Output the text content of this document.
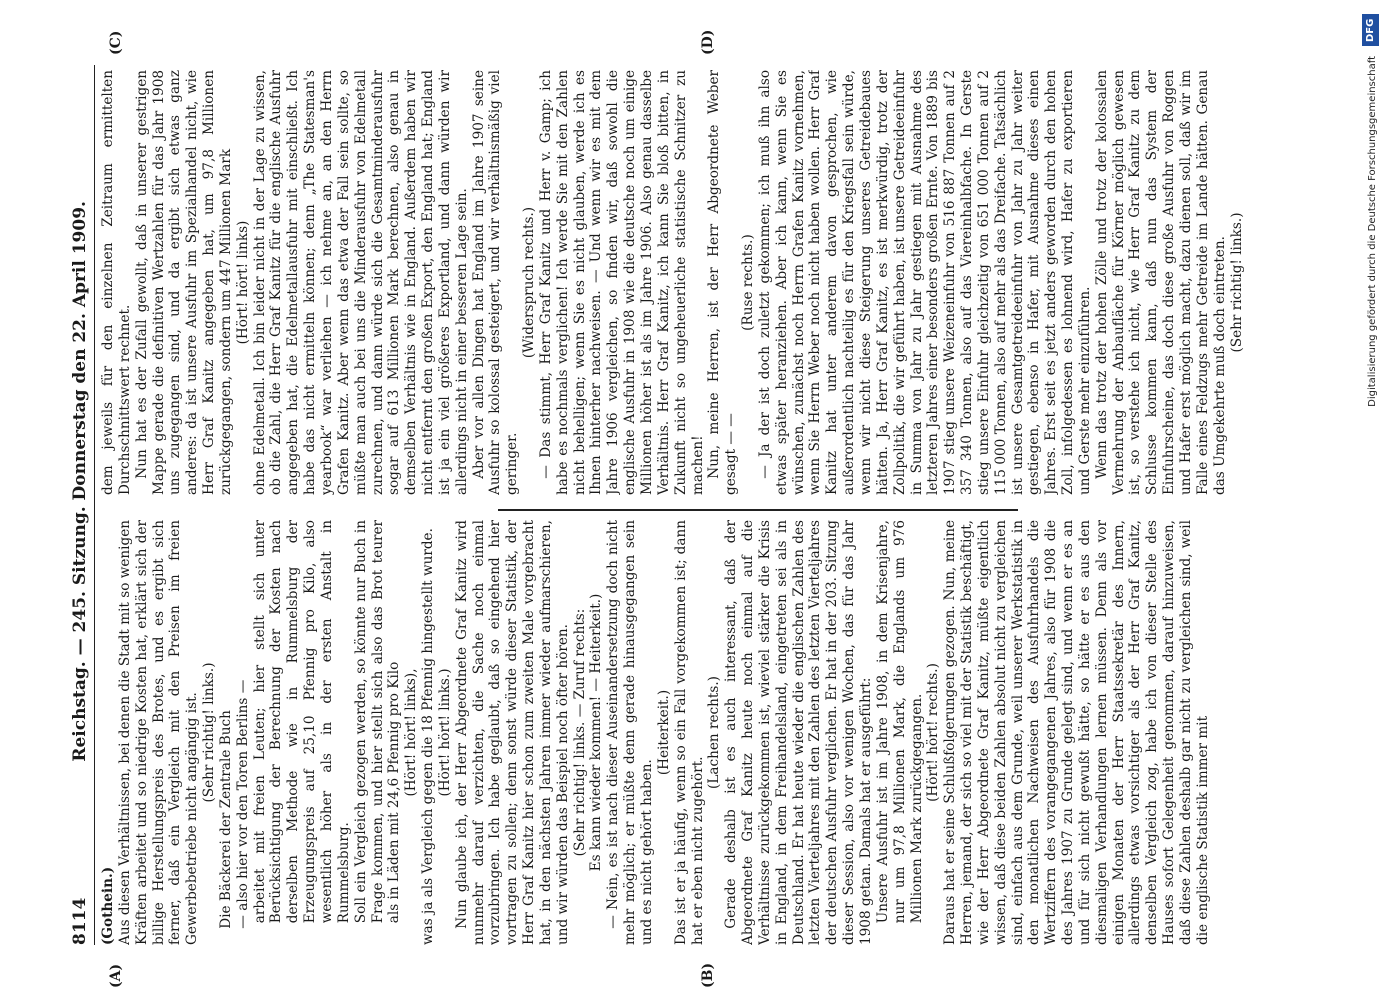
8114
Reichstag. — 245. Sitzung. Donnerstag den 22. April 1909.
(A)	(B)
(C)	(D)

(Gothein.) Aus diesen Verhältnissen, bei denen die Stadt mit so wenigen Kräften arbeitet und so niedrige Kosten hat, erklärt sich der billige Herstellungspreis des Brotes, und es ergibt sich ferner, daß ein Vergleich mit den Preisen im freien Gewerbebetriebe nicht angängig ist. (Sehr richtig! links.) Die Bäckerei der Zentrale Buch — also hier vor den Toren Berlins — arbeitet mit freien Leuten; hier stellt sich unter Berücksichtigung der Berechnung der Kosten nach derselben Methode wie in Rummelsburg der Erzeugungspreis auf 25,10 Pfennig pro Kilo, also wesentlich höher als in der ersten Anstalt in Rummelsburg. Soll ein Vergleich gezogen werden, so könnte nur Buch in Frage kommen, und hier stellt sich also das Brot teurer als in Läden mit 24,6 Pfennig pro Kilo (Hört! hört! links), was ja als Vergleich gegen die 18 Pfennig hingestellt wurde. (Hört! hört! links.) Nun glaube ich, der Herr Abgeordnete Graf Kanitz wird nunmehr darauf verzichten, die Sache noch einmal vorzubringen. Ich habe geglaubt, daß so eingehend hier vortragen zu sollen; denn sonst würde dieser Statistik, der Herr Graf Kanitz hier schon zum zweiten Male vorgebracht hat, in den nächsten Jahren immer wieder aufmarschieren, und wir würden das Beispiel noch öfter hören. (Sehr richtig! links. — Zuruf rechts: Es kann wieder kommen! — Heiterkeit.) — Nein, es ist nach dieser Auseinandersetzung doch nicht mehr möglich; er müßte denn gerade hinausgegangen sein und es nicht gehört haben.

(Heiterkeit.) Das ist er ja häufig, wenn so ein Fall vorgekommen ist; dann hat er eben nicht zugehört.

(Lachen rechts.) Gerade deshalb ist es auch interessant, daß der Abgeordnete Graf Kanitz heute noch einmal auf die Verhältnisse zurückgekommen ist, wieviel stärker die Krisis in England, in dem Freihandelsland, eingetreten sei als in Deutschland. Er hat heute wieder die englischen Zahlen des letzten Vierteljahres mit den Zahlen des letzten Vierteljahres der deutschen Ausfuhr verglichen. Er hat in der 203. Sitzung dieser Session, also vor wenigen Wochen, das für das Jahr 1908 getan. Damals hat er ausgeführt: Unsere Ausfuhr ist im Jahre 1908, in dem Krisenjahre, nur um 97,8 Millionen Mark, die Englands um 976 Millionen Mark zurückgegangen. (Hört! hört! rechts.) Daraus hat er seine Schlußfolgerungen gezogen. Nun, meine Herren, jemand, der sich so viel mit der Statistik beschäftigt, wie der Herr Abgeordnete Graf Kanitz, müßte eigentlich wissen, daß diese beiden Zahlen absolut nicht zu vergleichen sind, einfach aus dem Grunde, weil unserer Werkstatistik in den monatlichen Nachweisen des Ausfuhrhandels die Wertziffern des vorangegangenen Jahres, also für 1908 die des Jahres 1907 zu Grunde gelegt sind, und wenn er es an und für sich nicht gewußt hätte, so hätte er es aus den diesmaligen Verhandlungen lernen müssen. Denn als vor einigen Monaten der Herr Staatssekretär des Innern, allerdings etwas vorsichtiger als der Herr Graf Kanitz, denselben Vergleich zog, habe ich von dieser Stelle des Hauses sofort Gelegenheit genommen, darauf hinzuweisen, daß diese Zahlen deshalb gar nicht zu vergleichen sind, weil die englische Statistik immer mit

dem jeweils für den einzelnen Zeitraum ermittelten Durchschnittswert rechnet. Nun hat es der Zufall gewollt, daß in unserer gestrigen Mappe gerade die definitiven Wertzahlen für das Jahr 1908 uns zugegangen sind, und da ergibt sich etwas ganz anderes: da ist unsere Ausfuhr im Spezialhandel nicht, wie Herr Graf Kanitz angegeben hat, um 97,8 Millionen zurückgegangen, sondern um 447 Millionen Mark (Hört! hört! links) ohne Edelmetall. Ich bin leider nicht in der Lage zu wissen, ob die Zahl, die Herr Graf Kanitz für die englische Ausfuhr angegeben hat, die Edelmetallausfuhr mit einschließt. Ich habe das nicht ermitteln können; denn „The Statesman's yearbook“ war verliehen — ich nehme an, an den Herrn Grafen Kanitz. Aber wenn das etwa der Fall sein sollte, so müßte man auch bei uns die Minderausfuhr von Edelmetall zurechnen, und dann würde sich die Gesamtminderausfuhr sogar auf 613 Millionen Mark berechnen, also genau in demselben Verhältnis wie in England. Außerdem haben wir nicht entfernt den großen Export, den England hat; England ist ja ein viel größeres Exportland, und dann würden wir allerdings nicht in einer besseren Lage sein. Aber vor allen Dingen hat England im Jahre 1907 seine Ausfuhr so kolossal gesteigert, und wir verhältnismäßig viel geringer.

(Widerspruch rechts.) — Das stimmt, Herr Graf Kanitz und Herr v. Gamp; ich habe es nochmals verglichen! Ich werde Sie mit den Zahlen nicht behelligen; wenn Sie es nicht glauben, werde ich es Ihnen hinterher nachweisen. — Und wenn wir es mit dem Jahre 1906 vergleichen, so finden wir, daß sowohl die englische Ausfuhr in 1908 wie die deutsche noch um einige Millionen höher ist als im Jahre 1906. Also genau dasselbe Verhältnis. Herr Graf Kanitz, ich kann Sie bloß bitten, in Zukunft nicht so ungeheuerliche statistische Schnitzer zu machen! Nun, meine Herren, ist der Herr Abgeordnete Weber gesagt — —

(Ruse rechts.) — Ja der ist doch zuletzt gekommen; ich muß ihn also etwas später heranziehen. Aber ich kann, wenn Sie es wünschen, zunächst noch Herrn Grafen Kanitz vornehmen, wenn Sie Herrn Weber noch nicht haben wollen. Herr Graf Kanitz hat unter anderem davon gesprochen, wie außerordentlich nachteilig es für den Kriegsfall sein würde, wenn wir nicht diese Steigerung unseres Getreidebaues hätten. Ja, Herr Graf Kanitz, es ist merkwürdig, trotz der Zollpolitik, die wir geführt haben, ist unsere Getreideeinfuhr in Summa von Jahr zu Jahr gestiegen mit Ausnahme des letzteren Jahres einer besonders großen Ernte. Von 1889 bis 1907 stieg unsere Weizeneinfuhr von 516 887 Tonnen auf 2 357 340 Tonnen, also auf das Viereinhalbfache. In Gerste stieg unsere Einfuhr gleichzeitig von 651 000 Tonnen auf 2 115 000 Tonnen, also auf mehr als das Dreifache. Tatsächlich ist unsere Gesamtgetreideeinfuhr von Jahr zu Jahr weiter gestiegen, ebenso in Hafer, mit Ausnahme dieses einen Jahres. Erst seit es jetzt anders geworden durch den hohen Zoll, infolgedessen es lohnend wird, Hafer zu exportieren und Gerste mehr einzuführen. Wenn das trotz der hohen Zölle und trotz der kolossalen Vermehrung der Anbaufläche für Körner möglich gewesen ist, so verstehe ich nicht, wie Herr Graf Kanitz zu dem Schlusse kommen kann, daß nun das System der Einfuhrscheine, das doch diese große Ausfuhr von Roggen und Hafer erst möglich macht, dazu dienen soll, daß wir im Falle eines Feldzugs mehr Getreide im Lande hätten. Genau das Umgekehrte muß doch eintreten. (Sehr richtig! links.)

DFG
Digitalisierung gefördert durch die Deutsche Forschungsgemeinschaft
